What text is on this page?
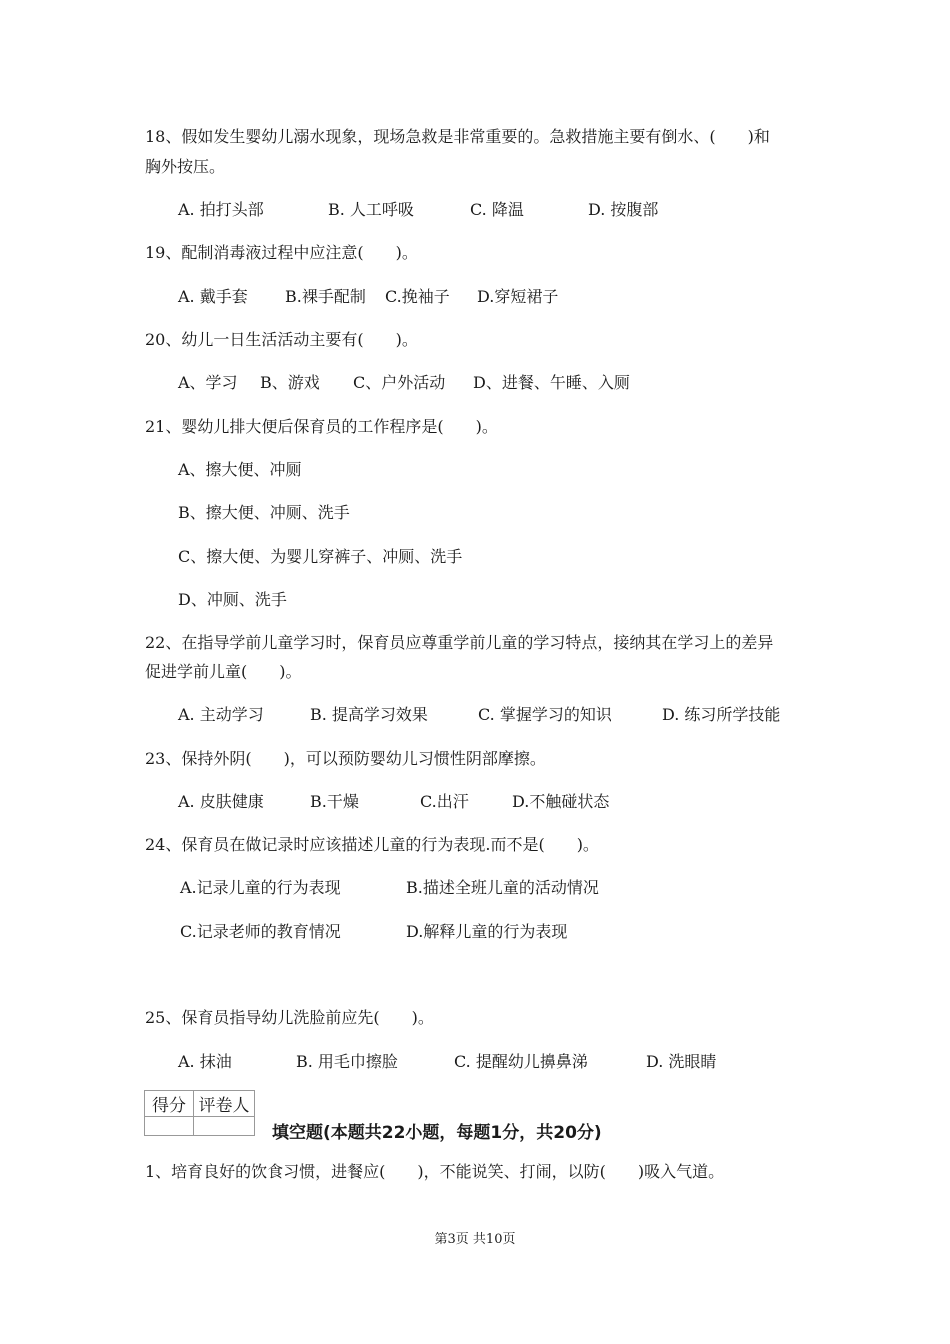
18、假如发生婴幼儿溺水现象，现场急救是非常重要的。急救措施主要有倒水、(　　)和
胸外按压。
A. 拍打头部	B. 人工呼吸	C. 降温	D. 按腹部
19、配制消毒液过程中应注意(　　)。
A. 戴手套 B.裸手配制 C.挽袖子 D.穿短裙子
20、幼儿一日生活活动主要有(　　)。
A、学习 B、游戏 C、户外活动 D、进餐、午睡、入厕
21、婴幼儿排大便后保育员的工作程序是(　　)。
A、擦大便、冲厕
B、擦大便、冲厕、洗手
C、擦大便、为婴儿穿裤子、冲厕、洗手
D、冲厕、洗手
22、在指导学前儿童学习时，保育员应尊重学前儿童的学习特点，接纳其在学习上的差异
促进学前儿童(　　)。
A. 主动学习	B. 提高学习效果	C. 掌握学习的知识	D. 练习所学技能
23、保持外阴(　　)，可以预防婴幼儿习惯性阴部摩擦。
A. 皮肤健康	B.干燥	C.出汗	D.不触碰状态
24、保育员在做记录时应该描述儿童的行为表现.而不是(　　)。
A.记录儿童的行为表现	B.描述全班儿童的活动情况
C.记录老师的教育情况	D.解释儿童的行为表现
25、保育员指导幼儿洗脸前应先(　　)。
A. 抹油	B. 用毛巾擦脸	C. 提醒幼儿擤鼻涕	D. 洗眼睛
得分	评卷人

填空题(本题共22小题，每题1分，共20分)
1、培育良好的饮食习惯，进餐应(　　)，不能说笑、打闹，以防(　　)吸入气道。
第3页 共10页
